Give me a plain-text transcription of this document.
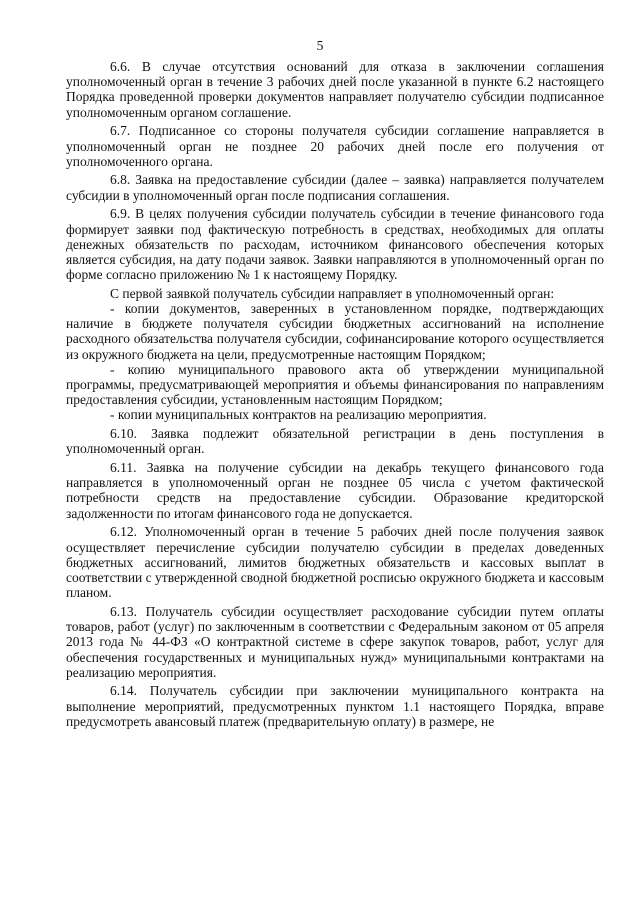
5

6.6. В случае отсутствия оснований для отказа в заключении соглашения уполномоченный орган в течение 3 рабочих дней после указанной в пункте 6.2 настоящего Порядка проведенной проверки документов направляет получателю субсидии подписанное уполномоченным органом соглашение.

6.7. Подписанное со стороны получателя субсидии соглашение направляется в уполномоченный орган не позднее 20 рабочих дней после его получения от уполномоченного органа.

6.8. Заявка на предоставление субсидии (далее – заявка) направляется получателем субсидии в уполномоченный орган после подписания соглашения.

6.9. В целях получения субсидии получатель субсидии в течение финансового года формирует заявки под фактическую потребность в средствах, необходимых для оплаты денежных обязательств по расходам, источником финансового обеспечения которых является субсидия, на дату подачи заявок. Заявки направляются в уполномоченный орган по форме согласно приложению № 1 к настоящему Порядку.

С первой заявкой получатель субсидии направляет в уполномоченный орган:

- копии документов, заверенных в установленном порядке, подтверждающих наличие в бюджете получателя субсидии бюджетных ассигнований на исполнение расходного обязательства получателя субсидии, софинансирование которого осуществляется из окружного бюджета на цели, предусмотренные настоящим Порядком;

- копию муниципального правового акта об утверждении муниципальной программы, предусматривающей мероприятия и объемы финансирования по направлениям предоставления субсидии, установленным настоящим Порядком;

- копии муниципальных контрактов на реализацию мероприятия.

6.10. Заявка подлежит обязательной регистрации в день поступления в уполномоченный орган.

6.11. Заявка на получение субсидии на декабрь текущего финансового года направляется в уполномоченный орган не позднее 05 числа с учетом фактической потребности средств на предоставление субсидии. Образование кредиторской задолженности по итогам финансового года не допускается.

6.12. Уполномоченный орган в течение 5 рабочих дней после получения заявок осуществляет перечисление субсидии получателю субсидии в пределах доведенных бюджетных ассигнований, лимитов бюджетных обязательств и кассовых выплат в соответствии с утвержденной сводной бюджетной росписью окружного бюджета и кассовым планом.

6.13. Получатель субсидии осуществляет расходование субсидии путем оплаты товаров, работ (услуг) по заключенным в соответствии с Федеральным законом от 05 апреля 2013 года № 44-ФЗ «О контрактной системе в сфере закупок товаров, работ, услуг для обеспечения государственных и муниципальных нужд» муниципальными контрактами на реализацию мероприятия.

6.14. Получатель субсидии при заключении муниципального контракта на выполнение мероприятий, предусмотренных пунктом 1.1 настоящего Порядка, вправе предусмотреть авансовый платеж (предварительную оплату) в размере, не
